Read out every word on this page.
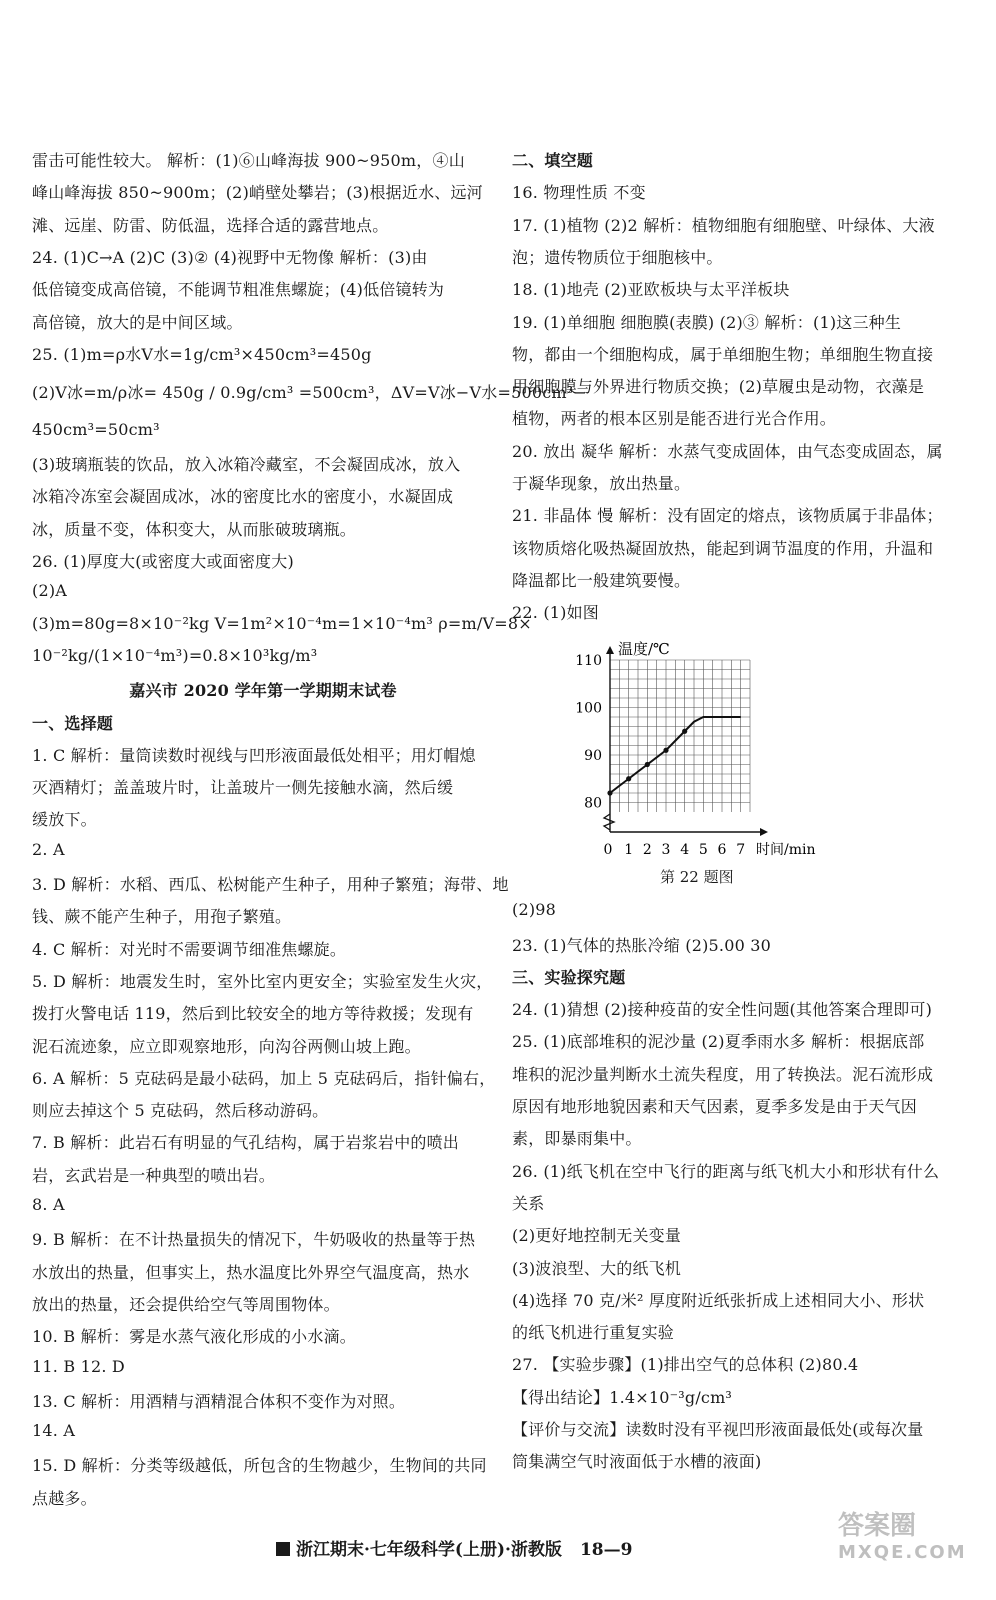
雷击可能性较大。 解析：(1)⑥山峰海拔 900~950m，④山
峰山峰海拔 850~900m；(2)峭壁处攀岩；(3)根据近水、远河
滩、远崖、防雷、防低温，选择合适的露营地点。
24. (1)C→A (2)C (3)② (4)视野中无物像 解析：(3)由
低倍镜变成高倍镜，不能调节粗准焦螺旋；(4)低倍镜转为
高倍镜，放大的是中间区域。
25. (1)m=ρ水V水=1g/cm³×450cm³=450g
(2)V冰=m/ρ冰= 450g / 0.9g/cm³ =500cm³，ΔV=V冰−V水=500cm³−
450cm³=50cm³
(3)玻璃瓶装的饮品，放入冰箱冷藏室，不会凝固成冰，放入
冰箱冷冻室会凝固成冰，冰的密度比水的密度小，水凝固成
冰，质量不变，体积变大，从而胀破玻璃瓶。
26. (1)厚度大(或密度大或面密度大)
(2)A
(3)m=80g=8×10⁻²kg V=1m²×10⁻⁴m=1×10⁻⁴m³ ρ=m/V=8×
10⁻²kg/(1×10⁻⁴m³)=0.8×10³kg/m³
嘉兴市 2020 学年第一学期期末试卷
一、选择题
1. C 解析：量筒读数时视线与凹形液面最低处相平；用灯帽熄
灭酒精灯；盖盖玻片时，让盖玻片一侧先接触水滴，然后缓
缓放下。
2. A
3. D 解析：水稻、西瓜、松树能产生种子，用种子繁殖；海带、地
钱、蕨不能产生种子，用孢子繁殖。
4. C 解析：对光时不需要调节细准焦螺旋。
5. D 解析：地震发生时，室外比室内更安全；实验室发生火灾，
拨打火警电话 119，然后到比较安全的地方等待救援；发现有
泥石流迹象，应立即观察地形，向沟谷两侧山坡上跑。
6. A 解析：5 克砝码是最小砝码，加上 5 克砝码后，指针偏右，
则应去掉这个 5 克砝码，然后移动游码。
7. B 解析：此岩石有明显的气孔结构，属于岩浆岩中的喷出
岩，玄武岩是一种典型的喷出岩。
8. A
9. B 解析：在不计热量损失的情况下，牛奶吸收的热量等于热
水放出的热量，但事实上，热水温度比外界空气温度高，热水
放出的热量，还会提供给空气等周围物体。
10. B 解析：雾是水蒸气液化形成的小水滴。
11. B 12. D
13. C 解析：用酒精与酒精混合体积不变作为对照。
14. A
15. D 解析：分类等级越低，所包含的生物越少，生物间的共同
点越多。
二、填空题
16. 物理性质 不变
17. (1)植物 (2)2 解析：植物细胞有细胞壁、叶绿体、大液
泡；遗传物质位于细胞核中。
18. (1)地壳 (2)亚欧板块与太平洋板块
19. (1)单细胞 细胞膜(表膜) (2)③ 解析：(1)这三种生
物，都由一个细胞构成，属于单细胞生物；单细胞生物直接
用细胞膜与外界进行物质交换；(2)草履虫是动物，衣藻是
植物，两者的根本区别是能否进行光合作用。
20. 放出 凝华 解析：水蒸气变成固体，由气态变成固态，属
于凝华现象，放出热量。
21. 非晶体 慢 解析：没有固定的熔点，该物质属于非晶体；
该物质熔化吸热凝固放热，能起到调节温度的作用，升温和
降温都比一般建筑要慢。
22. (1)如图
(2)98
23. (1)气体的热胀冷缩 (2)5.00 30
三、实验探究题
24. (1)猜想 (2)接种疫苗的安全性问题(其他答案合理即可)
25. (1)底部堆积的泥沙量 (2)夏季雨水多 解析：根据底部
堆积的泥沙量判断水土流失程度，用了转换法。泥石流形成
原因有地形地貌因素和天气因素，夏季多发是由于天气因
素，即暴雨集中。
26. (1)纸飞机在空中飞行的距离与纸飞机大小和形状有什么
关系
(2)更好地控制无关变量
(3)波浪型、大的纸飞机
(4)选择 70 克/米² 厚度附近纸张折成上述相同大小、形状
的纸飞机进行重复实验
27. 【实验步骤】(1)排出空气的总体积 (2)80.4
【得出结论】1.4×10⁻³g/cm³
【评价与交流】读数时没有平视凹形液面最低处(或每次量
筒集满空气时液面低于水槽的液面)
80
90
100
110
0 1 2 3 4 5 6 7
温度/℃
时间/min
第 22 题图
浙江期末·七年级科学(上册)·浙教版 18—9
答案圈
MXQE.COM
